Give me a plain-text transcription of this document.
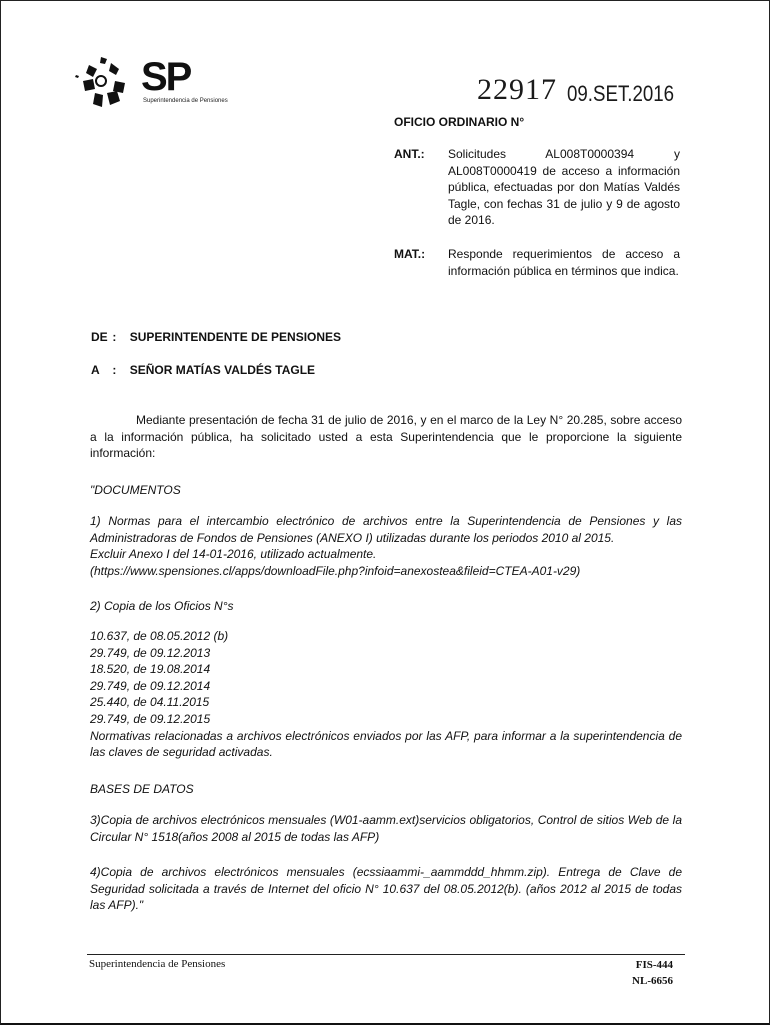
SP
Superintendencia de Pensiones	22917 09.SET.2016
OFICIO ORDINARIO N°
ANT.: Solicitudes AL008T0000394 y AL008T0000419 de acceso a información pública, efectuadas por don Matías Valdés Tagle, con fechas 31 de julio y 9 de agosto de 2016.
MAT.: Responde requerimientos de acceso a información pública en términos que indica.
DE : SUPERINTENDENTE DE PENSIONES
A : SEÑOR MATÍAS VALDÉS TAGLE
Mediante presentación de fecha 31 de julio de 2016, y en el marco de la Ley N° 20.285, sobre acceso a la información pública, ha solicitado usted a esta Superintendencia que le proporcione la siguiente información:
"DOCUMENTOS
1) Normas para el intercambio electrónico de archivos entre la Superintendencia de Pensiones y las Administradoras de Fondos de Pensiones (ANEXO I) utilizadas durante los periodos 2010 al 2015.
Excluir Anexo I del 14-01-2016, utilizado actualmente.
(https://www.spensiones.cl/apps/downloadFile.php?infoid=anexostea&fileid=CTEA-A01-v29)
2) Copia de los Oficios N°s
10.637, de 08.05.2012 (b)
29.749, de 09.12.2013
18.520, de 19.08.2014
29.749, de 09.12.2014
25.440, de 04.11.2015
29.749, de 09.12.2015
Normativas relacionadas a archivos electrónicos enviados por las AFP, para informar a la superintendencia de las claves de seguridad activadas.
BASES DE DATOS
3)Copia de archivos electrónicos mensuales (W01-aamm.ext)servicios obligatorios, Control de sitios Web de la Circular N° 1518(años 2008 al 2015 de todas las AFP)
4)Copia de archivos electrónicos mensuales (ecssiaammi-_aammddd_hhmm.zip). Entrega de Clave de Seguridad solicitada a través de Internet del oficio N° 10.637 del 08.05.2012(b). (años 2012 al 2015 de todas las AFP)."
Superintendencia de Pensiones	FIS-444
NL-6656
